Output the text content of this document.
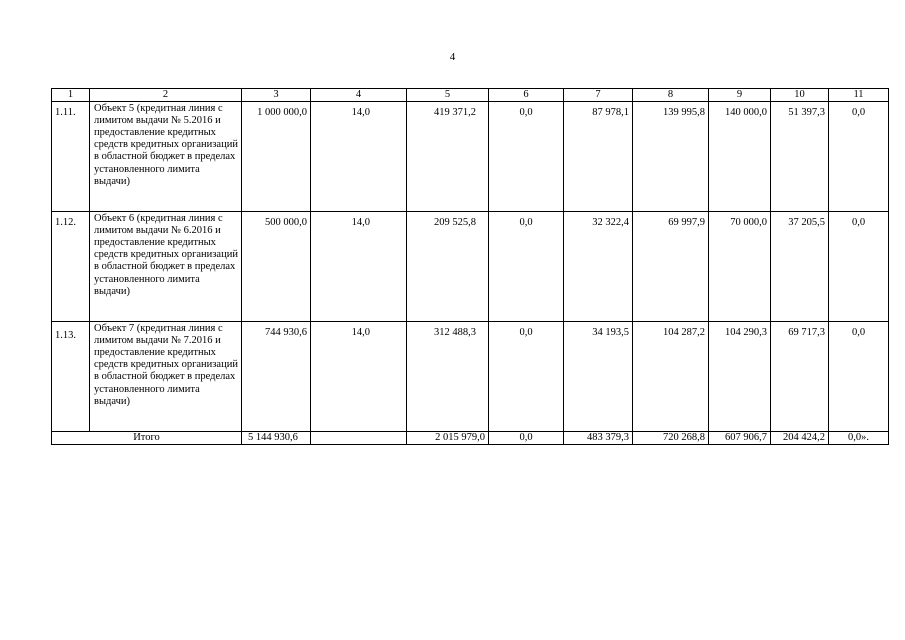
4
1	2	3	4	5	6	7	8	9	10	11
1.11.	Объект 5 (кредитная линия с лимитом выдачи № 5.2016 и предоставление кредитных средств кредитных организаций в областной бюджет в пределах установленного лимита выдачи)	1 000 000,0	14,0	419 371,2	0,0	87 978,1	139 995,8	140 000,0	51 397,3	0,0
1.12.	Объект 6 (кредитная линия с лимитом выдачи № 6.2016 и предоставление кредитных средств кредитных организаций в областной бюджет в пределах установленного лимита выдачи)	500 000,0	14,0	209 525,8	0,0	32 322,4	69 997,9	70 000,0	37 205,5	0,0
1.13.	Объект 7 (кредитная линия с лимитом выдачи № 7.2016 и предоставление кредитных средств кредитных организаций в областной бюджет в пределах установленного лимита выдачи)	744 930,6	14,0	312 488,3	0,0	34 193,5	104 287,2	104 290,3	69 717,3	0,0
Итого		5 144 930,6		2 015 979,0	0,0	483 379,3	720 268,8	607 906,7	204 424,2	0,0».
